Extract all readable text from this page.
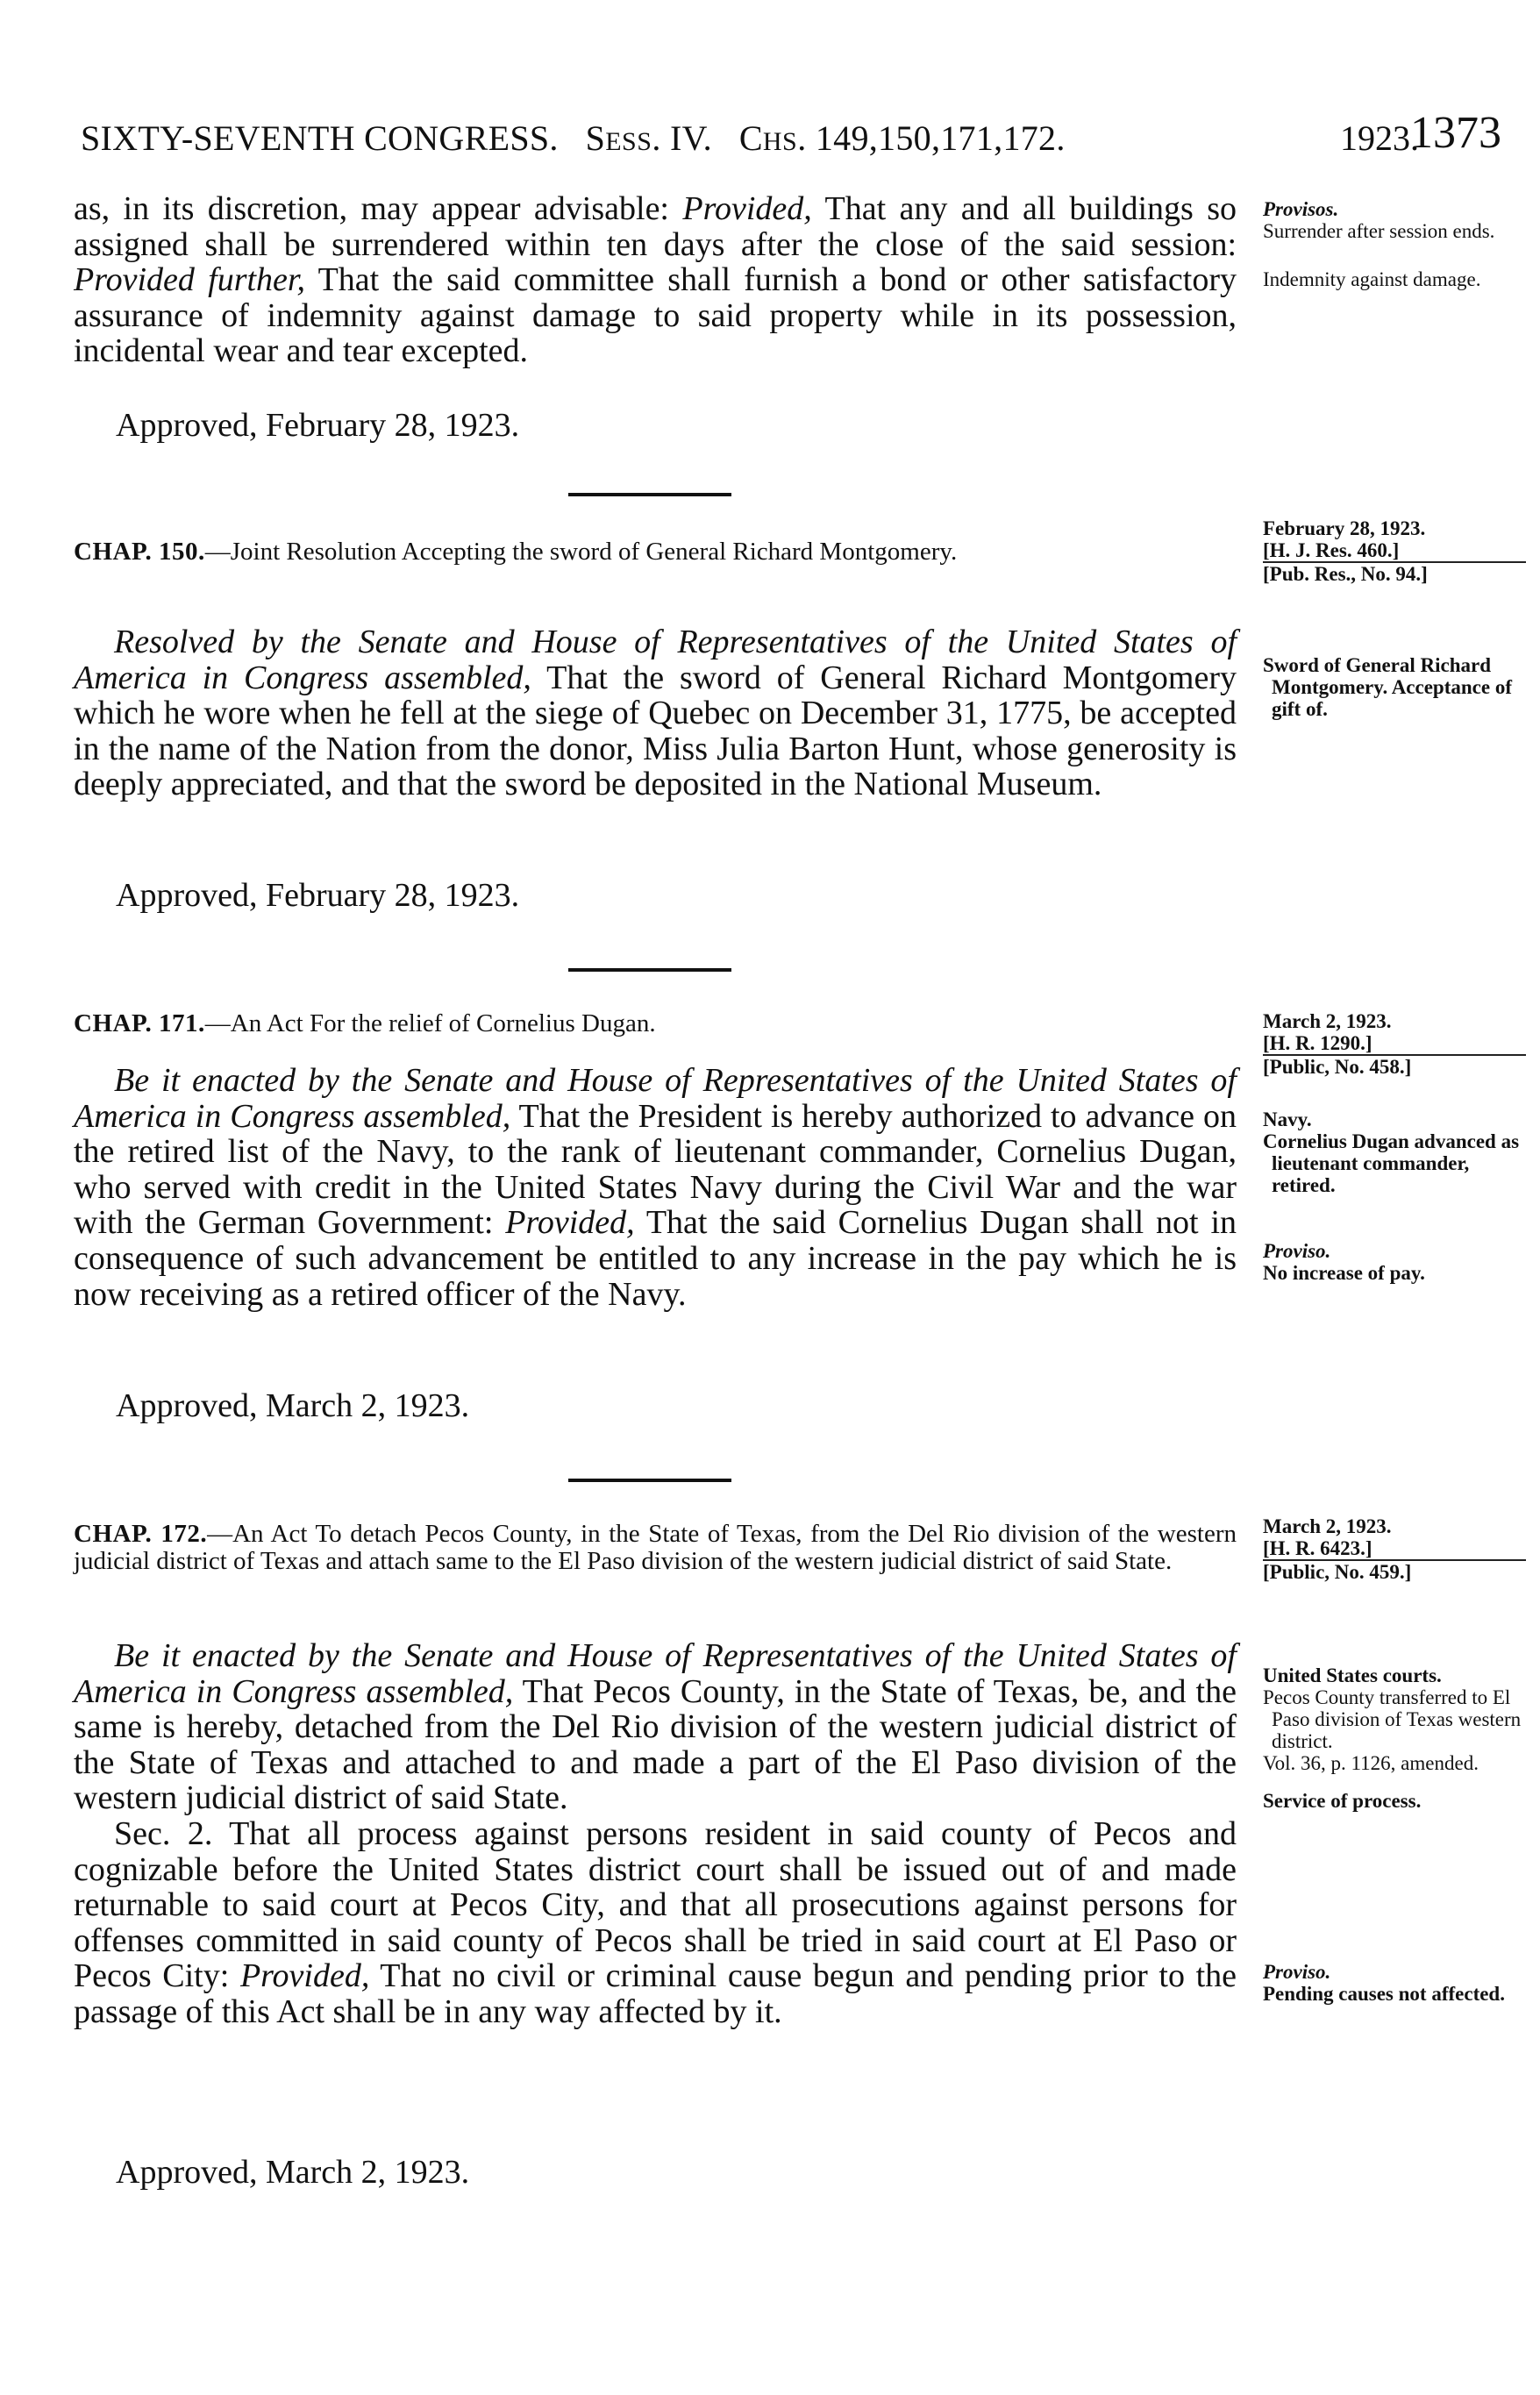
SIXTY-SEVENTH CONGRESS. SESS. IV. CHS. 149,150,171,172.	1923.
1373

as, in its discretion, may appear advisable: Provided, That any and all buildings so assigned shall be surrendered within ten days after the close of the said session: Provided further, That the said committee shall furnish a bond or other satisfactory assurance of indemnity against damage to said property while in its possession, incidental wear and tear excepted.

Approved, February 28, 1923.
Provisos.
Surrender after session ends.
Indemnity against damage.

CHAP. 150.—Joint Resolution Accepting the sword of General Richard Montgomery.

February 28, 1923.
[H. J. Res. 460.]
[Pub. Res., No. 94.]

Resolved by the Senate and House of Representatives of the United States of America in Congress assembled, That the sword of General Richard Montgomery which he wore when he fell at the siege of Quebec on December 31, 1775, be accepted in the name of the Nation from the donor, Miss Julia Barton Hunt, whose generosity is deeply appreciated, and that the sword be deposited in the National Museum.

Approved, February 28, 1923.
Sword of General Richard Montgomery. Acceptance of gift of.

CHAP. 171.—An Act For the relief of Cornelius Dugan.	March 2, 1923.
[H. R. 1290.]
[Public, No. 458.]

Be it enacted by the Senate and House of Representatives of the United States of America in Congress assembled, That the President is hereby authorized to advance on the retired list of the Navy, to the rank of lieutenant commander, Cornelius Dugan, who served with credit in the United States Navy during the Civil War and the war with the German Government: Provided, That the said Cornelius Dugan shall not in consequence of such advancement be entitled to any increase in the pay which he is now receiving as a retired officer of the Navy.

Approved, March 2, 1923.
Navy.
Cornelius Dugan advanced as lieutenant commander, retired.
Proviso.
No increase of pay.

CHAP. 172.—An Act To detach Pecos County, in the State of Texas, from the Del Rio division of the western judicial district of Texas and attach same to the El Paso division of the western judicial district of said State.

March 2, 1923.
[H. R. 6423.]
[Public, No. 459.]

Be it enacted by the Senate and House of Representatives of the United States of America in Congress assembled, That Pecos County, in the State of Texas, be, and the same is hereby, detached from the Del Rio division of the western judicial district of the State of Texas and attached to and made a part of the El Paso division of the western judicial district of said State.

Sec. 2. That all process against persons resident in said county of Pecos and cognizable before the United States district court shall be issued out of and made returnable to said court at Pecos City, and that all prosecutions against persons for offenses committed in said county of Pecos shall be tried in said court at El Paso or Pecos City: Provided, That no civil or criminal cause begun and pending prior to the passage of this Act shall be in any way affected by it.

Approved, March 2, 1923.
United States courts.
Pecos County transferred to El Paso division of Texas western district.
Vol. 36, p. 1126, amended.
Service of process.
Proviso.
Pending causes not affected.
